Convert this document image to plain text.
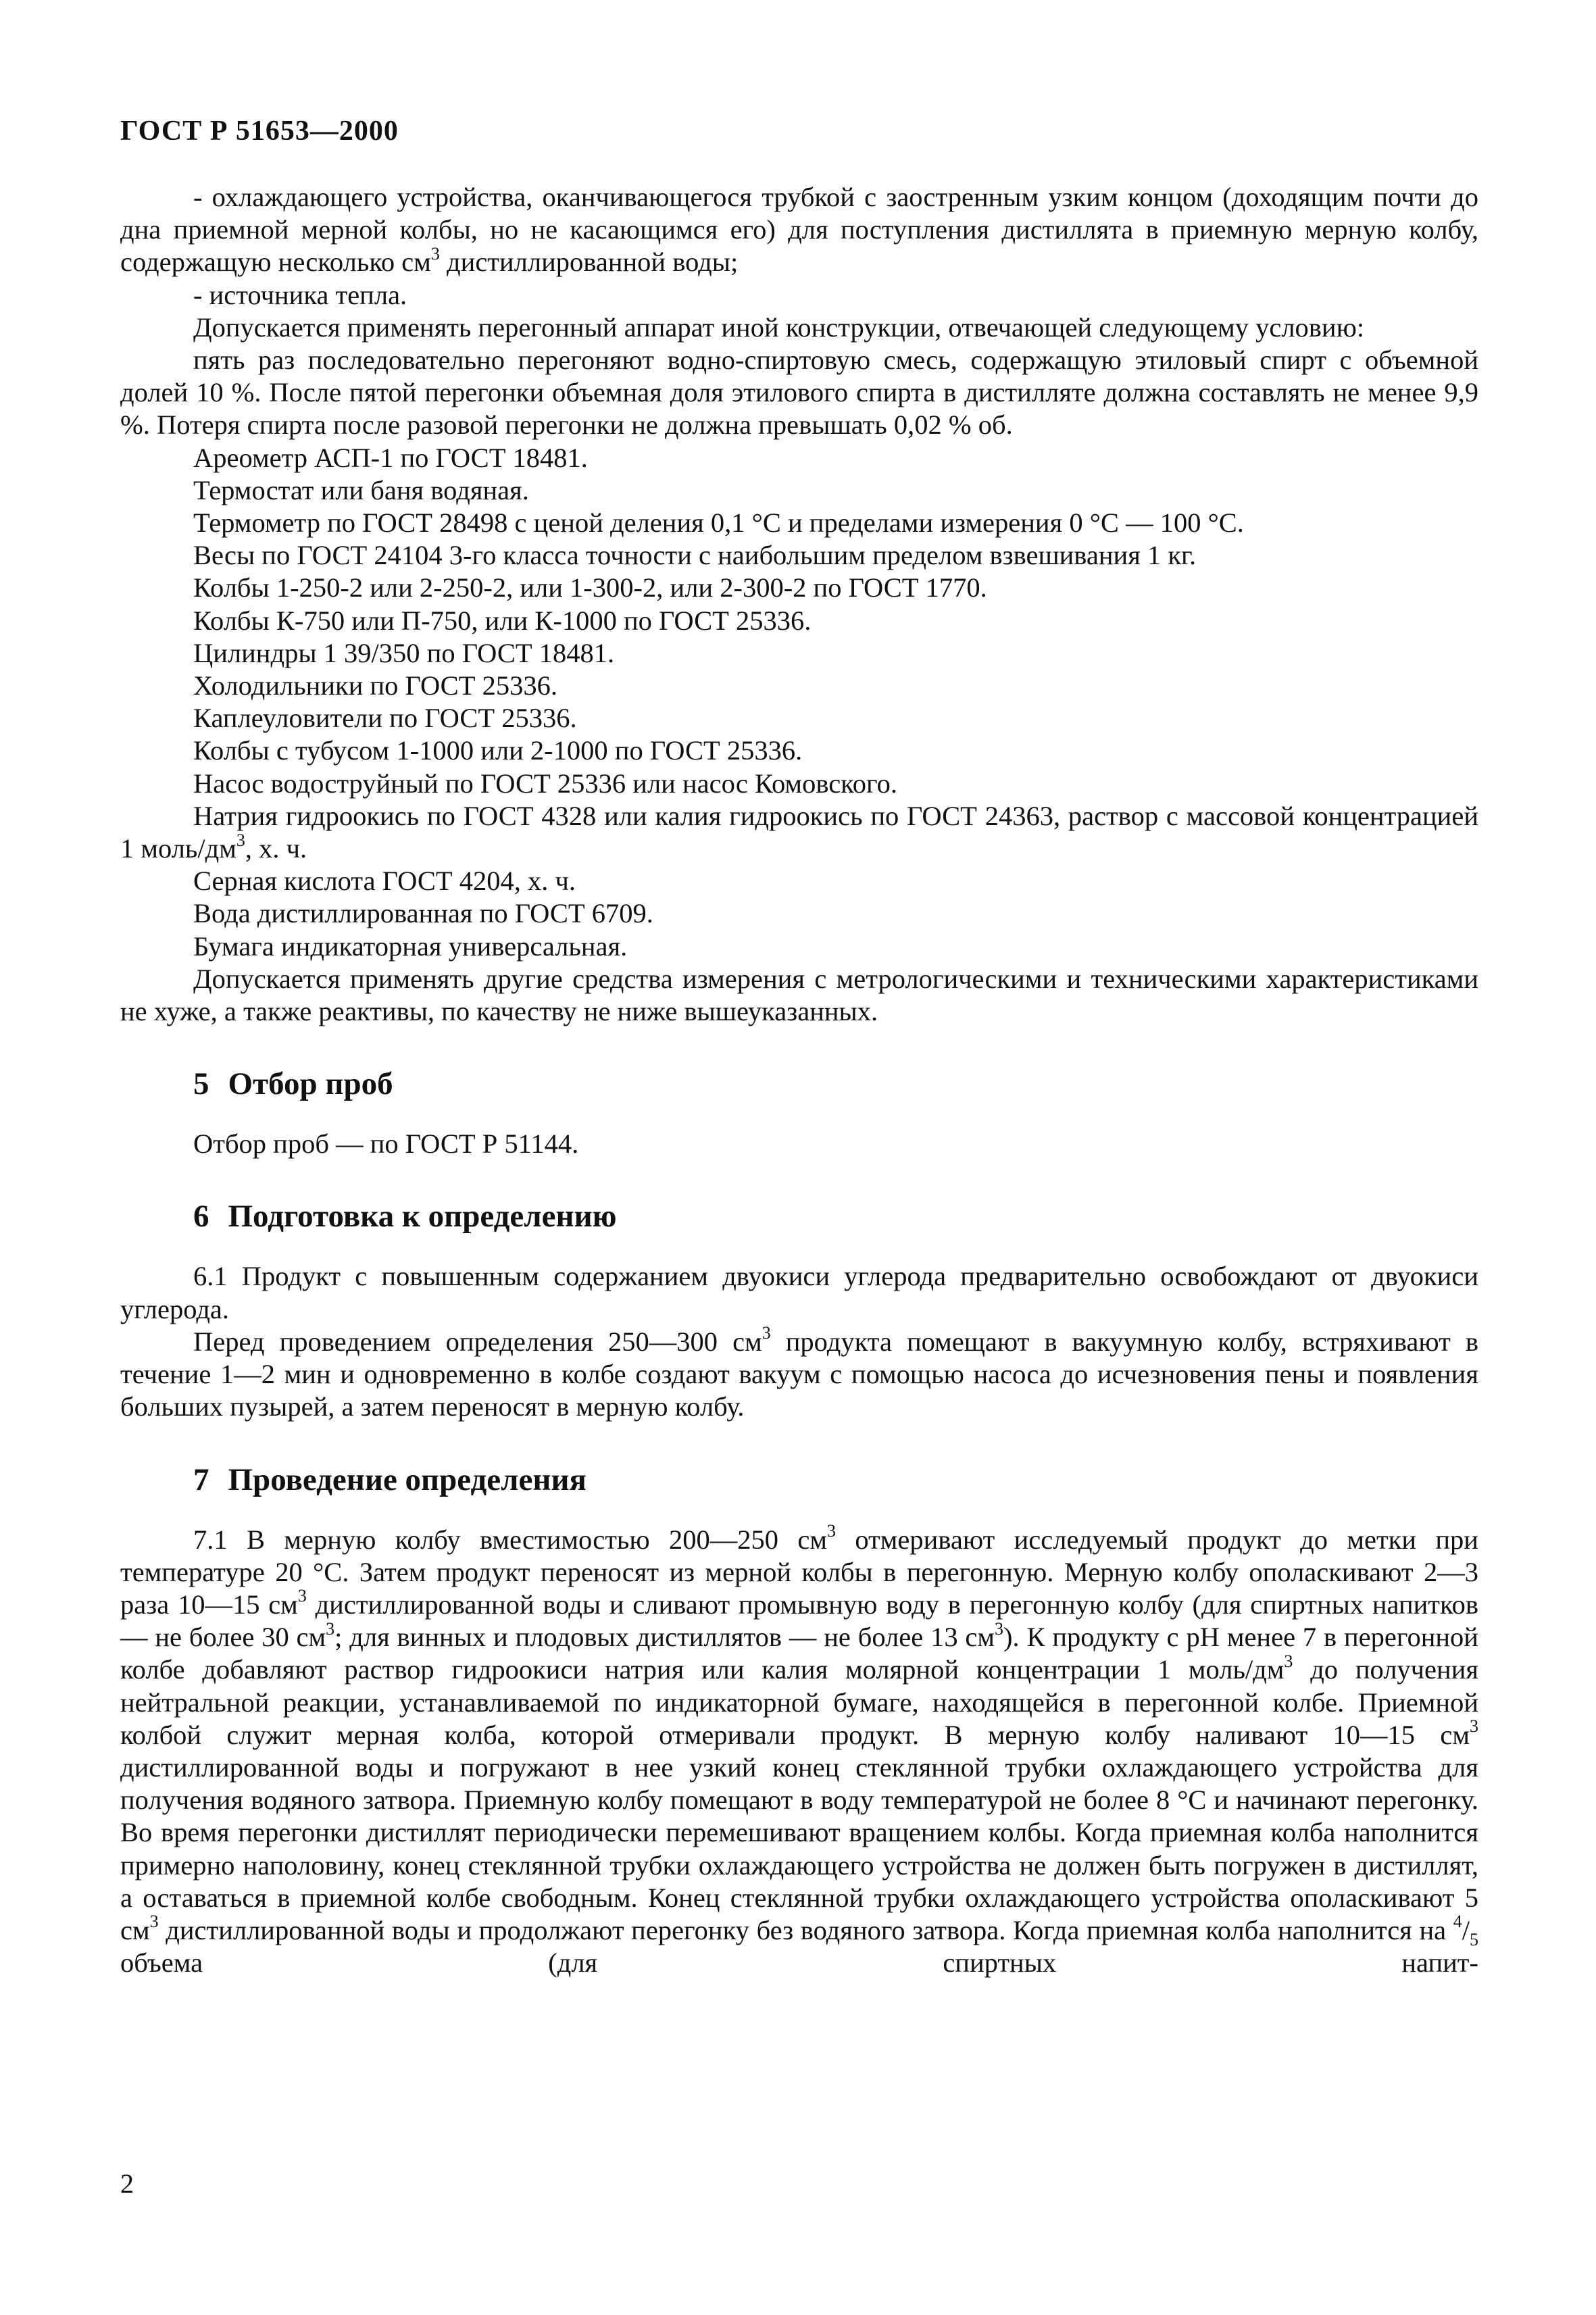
ГОСТ Р 51653—2000

- охлаждающего устройства, оканчивающегося трубкой с заостренным узким концом (доходящим почти до дна приемной мерной колбы, но не касающимся его) для поступления дистиллята в приемную мерную колбу, содержащую несколько $см^3$ дистиллированной воды;

- источника тепла.

Допускается применять перегонный аппарат иной конструкции, отвечающей следующему условию:

пять раз последовательно перегоняют водно-спиртовую смесь, содержащую этиловый спирт с объемной долей 10 %. После пятой перегонки объемная доля этилового спирта в дистилляте должна составлять не менее 9,9 %. Потеря спирта после разовой перегонки не должна превышать 0,02 % об.

Ареометр АСП-1 по ГОСТ 18481.

Термостат или баня водяная.

Термометр по ГОСТ 28498 с ценой деления 0,1 °С и пределами измерения 0 °С — 100 °С.

Весы по ГОСТ 24104 3-го класса точности с наибольшим пределом взвешивания 1 кг.

Колбы 1-250-2 или 2-250-2, или 1-300-2, или 2-300-2 по ГОСТ 1770.

Колбы К-750 или П-750, или К-1000 по ГОСТ 25336.

Цилиндры 1 39/350 по ГОСТ 18481.

Холодильники по ГОСТ 25336.

Каплеуловители по ГОСТ 25336.

Колбы с тубусом 1-1000 или 2-1000 по ГОСТ 25336.

Насос водоструйный по ГОСТ 25336 или насос Комовского.

Натрия гидроокись по ГОСТ 4328 или калия гидроокись по ГОСТ 24363, раствор с массовой концентрацией 1 моль/$дм^3$, х. ч.

Серная кислота ГОСТ 4204, х. ч.

Вода дистиллированная по ГОСТ 6709.

Бумага индикаторная универсальная.

Допускается применять другие средства измерения с метрологическими и техническими характеристиками не хуже, а также реактивы, по качеству не ниже вышеуказанных.

5 Отбор проб

Отбор проб — по ГОСТ Р 51144.

6 Подготовка к определению

6.1 Продукт с повышенным содержанием двуокиси углерода предварительно освобождают от двуокиси углерода.

Перед проведением определения 250—300 $см^3$ продукта помещают в вакуумную колбу, встряхивают в течение 1—2 мин и одновременно в колбе создают вакуум с помощью насоса до исчезновения пены и появления больших пузырей, а затем переносят в мерную колбу.

7 Проведение определения

7.1 В мерную колбу вместимостью 200—250 $см^3$ отмеривают исследуемый продукт до метки при температуре 20 °С. Затем продукт переносят из мерной колбы в перегонную. Мерную колбу ополаскивают 2—3 раза 10—15 $см^3$ дистиллированной воды и сливают промывную воду в перегонную колбу (для спиртных напитков — не более 30 $см^3$; для винных и плодовых дистиллятов — не более 13 $см^3$). К продукту с рН менее 7 в перегонной колбе добавляют раствор гидроокиси натрия или калия молярной концентрации 1 моль/$дм^3$ до получения нейтральной реакции, устанавливаемой по индикаторной бумаге, находящейся в перегонной колбе. Приемной колбой служит мерная колба, которой отмеривали продукт. В мерную колбу наливают 10—15 $см^3$ дистиллированной воды и погружают в нее узкий конец стеклянной трубки охлаждающего устройства для получения водяного затвора. Приемную колбу помещают в воду температурой не более 8 °С и начинают перегонку. Во время перегонки дистиллят периодически перемешивают вращением колбы. Когда приемная колба наполнится примерно наполовину, конец стеклянной трубки охлаждающего устройства не должен быть погружен в дистиллят, а оставаться в приемной колбе свободным. Конец стеклянной трубки охлаждающего устройства ополаскивают 5 $см^3$ дистиллированной воды и продолжают перегонку без водяного затвора. Когда приемная колба наполнится на $^4/_5$ объема (для спиртных напит-

2
